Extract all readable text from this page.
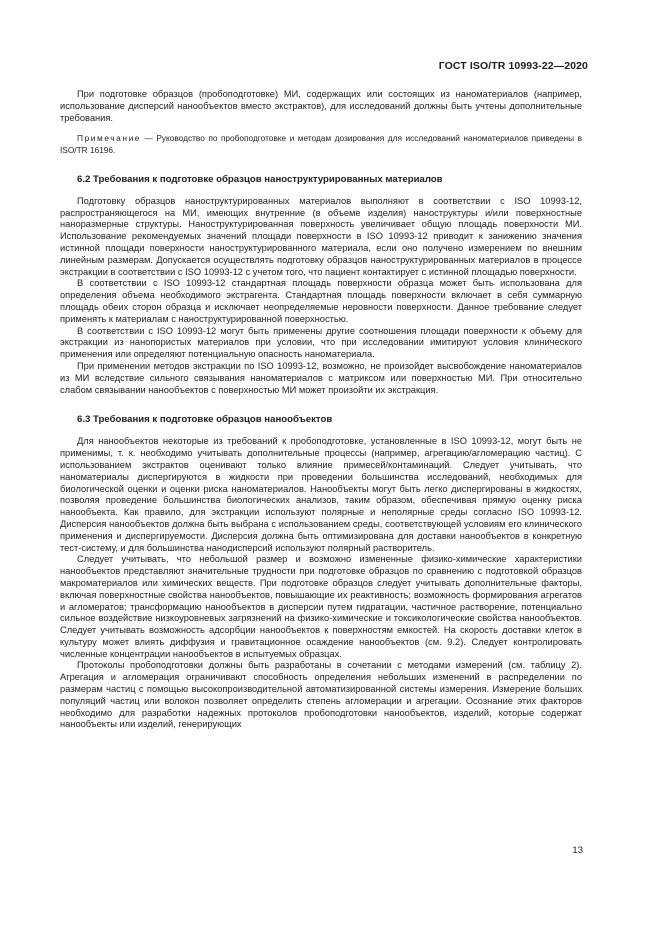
ГОСТ ISO/TR 10993-22—2020

При подготовке образцов (пробоподготовке) МИ, содержащих или состоящих из наноматериалов (например, использование дисперсий нанообъектов вместо экстрактов), для исследований должны быть учтены дополнительные требования.

Примечание — Руководство по пробоподготовке и методам дозирования для исследований наноматериалов приведены в ISO/TR 16196.

6.2 Требования к подготовке образцов наноструктурированных материалов

Подготовку образцов наноструктурированных материалов выполняют в соответствии с ISO 10993-12, распространяющегося на МИ, имеющих внутренние (в объеме изделия) наноструктуры и/или поверхностные наноразмерные структуры. Наноструктурированная поверхность увеличивает общую площадь поверхности МИ. Использование рекомендуемых значений площади поверхности в ISO 10993-12 приводит к занижению значения истинной площади поверхности наноструктурированного материала, если оно получено измерением по внешним линейным размерам. Допускается осуществлять подготовку образцов наноструктурированных материалов в процессе экстракции в соответствии с ISO 10993-12 с учетом того, что пациент контактирует с истинной площадью поверхности.

В соответствии с ISO 10993-12 стандартная площадь поверхности образца может быть использована для определения объема необходимого экстрагента. Стандартная площадь поверхности включает в себя суммарную площадь обеих сторон образца и исключает неопределяемые неровности поверхности. Данное требование следует применять к материалам с наноструктурированной поверхностью.

В соответствии с ISO 10993-12 могут быть применены другие соотношения площади поверхности к объему для экстракции из нанопористых материалов при условии, что при исследовании имитируют условия клинического применения или определяют потенциальную опасность наноматериала.

При применении методов экстракции по ISO 10993-12, возможно, не произойдет высвобождение наноматериалов из МИ вследствие сильного связывания наноматериалов с матриксом или поверхностью МИ. При относительно слабом связывании нанообъектов с поверхностью МИ может произойти их экстракция.

6.3 Требования к подготовке образцов нанообъектов

Для нанообъектов некоторые из требований к пробоподготовке, установленные в ISO 10993-12, могут быть не применимы, т. к. необходимо учитывать дополнительные процессы (например, агрегацию/агломерацию частиц). С использованием экстрактов оценивают только влияние примесей/контаминаций. Следует учитывать, что наноматериалы диспергируются в жидкости при проведении большинства исследований, необходимых для биологической оценки и оценки риска наноматериалов. Нанообъекты могут быть легко диспергированы в жидкостях, позволяя проведение большинства биологических анализов, таким образом, обеспечивая прямую оценку риска нанообъекта. Как правило, для экстракции используют полярные и неполярные среды согласно ISO 10993-12. Дисперсия нанообъектов должна быть выбрана с использованием среды, соответствующей условиям его клинического применения и диспергируемости. Дисперсия должна быть оптимизирована для доставки нанообъектов в конкретную тест-систему, и для большинства нанодисперсий используют полярный растворитель.

Следует учитывать, что небольшой размер и возможно измененные физико-химические характеристики нанообъектов представляют значительные трудности при подготовке образцов по сравнению с подготовкой образцов макроматериалов или химических веществ. При подготовке образцов следует учитывать дополнительные факторы, включая поверхностные свойства нанообъектов, повышающие их реактивность; возможность формирования агрегатов и агломератов; трансформацию нанообъектов в дисперсии путем гидратации, частичное растворение, потенциально сильное воздействие низкоуровневых загрязнений на физико-химические и токсикологические свойства нанообъектов. Следует учитывать возможность адсорбции нанообъектов к поверхностям емкостей. На скорость доставки клеток в культуру может влиять диффузия и гравитационное осаждение нанообъектов (см. 9.2). Следует контролировать численные концентрации нанообъектов в испытуемых образцах.

Протоколы пробоподготовки должны быть разработаны в сочетании с методами измерений (см. таблицу 2). Агрегация и агломерация ограничивают способность определения небольших изменений в распределении по размерам частиц с помощью высокопроизводительной автоматизированной системы измерения. Измерение больших популяций частиц или волокон позволяет определить степень агломерации и агрегации. Осознание этих факторов необходимо для разработки надежных протоколов пробоподготовки нанообъектов, изделий, которые содержат нанообъекты или изделий, генерирующих

13
